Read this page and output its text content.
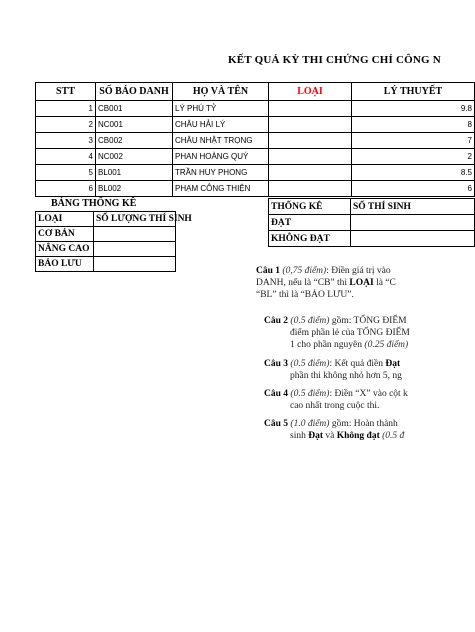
KẾT QUẢ KỲ THI CHỨNG CHỈ CÔNG N
STT	SỐ BÁO DANH	HỌ VÀ TÊN	LOẠI	LÝ THUYẾT
1	CB001	LÝ PHÚ TỶ		9.8
2	NC001	CHÂU HẢI LÝ		8
3	CB002	CHÂU NHẬT TRỌNG		7
4	NC002	PHAN HOÀNG QUÝ		2
5	BL001	TRẦN HUY PHONG		8.5
6	BL002	PHẠM CÔNG THIỆN		6
BẢNG THỐNG KÊ
LOẠI	SỐ LƯỢNG THÍ SINH
CƠ BẢN	
NÂNG CAO	
BẢO LƯU	
THỐNG KÊ	SỐ THÍ SINH
ĐẠT	
KHÔNG ĐẠT	
Câu 1 (0,75 điểm): Điền giá trị vào
DANH, nếu là “CB” thì LOẠI là “C
“BL” thì là “BẢO LƯU”.
Câu 2 (0.5 điểm) gồm: TỔNG ĐIỂM
điểm phần lẻ của TỔNG ĐIỂM
1 cho phần nguyên (0.25 điểm)
Câu 3 (0.5 điểm): Kết quả điền Đạt
phần thi không nhỏ hơn 5, ng
Câu 4 (0.5 điểm): Điền “X” vào cột k
cao nhất trong cuộc thi.
Câu 5 (1.0 điểm) gồm: Hoàn thành
sinh Đạt và Không đạt (0.5 đ
